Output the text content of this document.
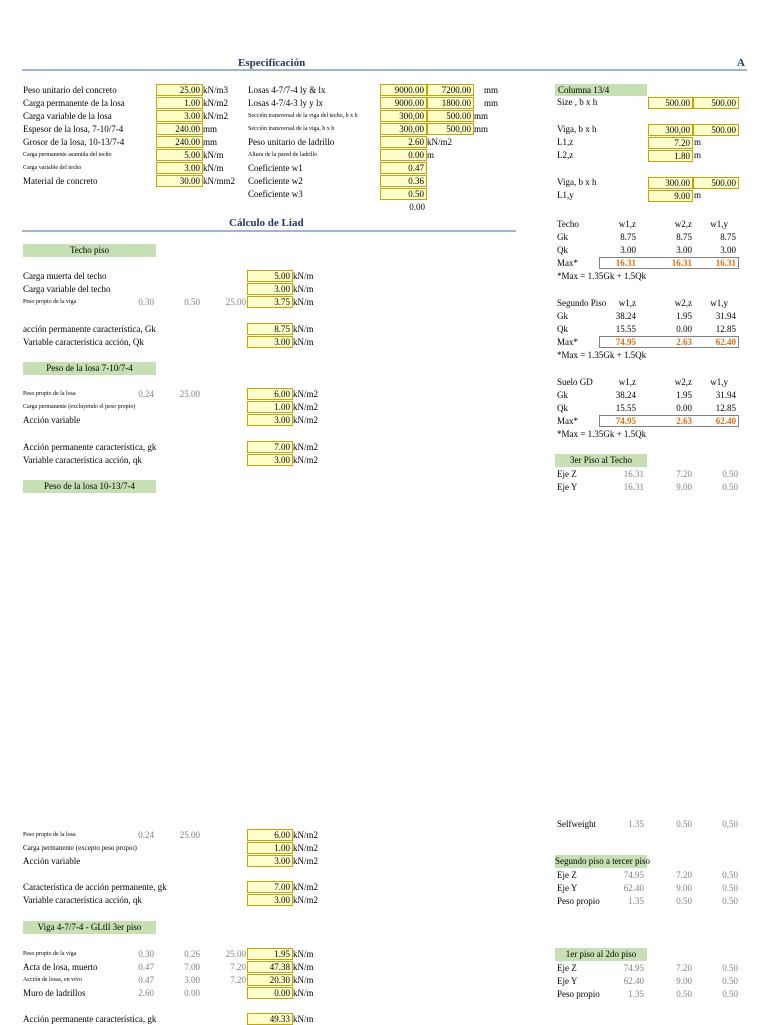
Especificación	A
Peso unitario del concreto	25.00 kN/m3
Carga permanente de la losa	1.00 kN/m2
Carga variable de la losa	3.00 kN/m2
Espesor de la losa, 7-10/7-4	240.00 mm
Grosor de la losa, 10-13/7-4	240.00 mm
Carga permanente asumida del techo	5.00 kN/m
Carga variable del techo	3.00 kN/m
Material de concreto	30.00 kN/mm2
Losas 4-7/7-4 ly & lx	9000.00	7200.00	mm
Losas 4-7/4-3 ly y lx	9000.00	1800.00	mm
Sección transversal de la viga del techo, b x h	300,00	500.00 mm
Sección transversal de la viga, b x h	300,00	500,00 mm
Peso unitario de ladrillo	2.60 kN/m2
Altura de la pared de ladrillo	0.00 m
Coeficiente w1	0.47
Coeficiente w2	0.36
Coeficiente w3	0.50
0.00
Columna 13/4
Size , b x h	500.00	500.00
Viga, b x h	300,00	500.00
L1,z	7.20 m
L2,z	1.80 m
Viga, b x h	300.00	500.00
L1,y	9.00 m
Cálculo de Liad
Techo piso
Carga muerta del techo	5.00 kN/m
Carga variable del techo	3.00 kN/m
Peso propio de la viga	0.30	0.50	25.00	3.75 kN/m
acción permanente característica, Gk	8.75 kN/m
Variable característica acción, Qk	3.00 kN/m
Peso de la losa 7-10/7-4
Peso propio de la losa	0.24	25.00	6.00 kN/m2
Carga permanente (excluyendo el peso propio)	1.00 kN/m2
Acción variable	3.00 kN/m2
Acción permanente característica, gk	7.00 kN/m2
Variable característica acción, qk	3.00 kN/m2
Peso de la losa 10-13/7-4
Peso propio de la losa	0.24	25.00	6.00 kN/m2
Carga permanente (excepto peso propio)	1.00 kN/m2
Acción variable	3.00 kN/m2
Característica de acción permanente, gk	7.00 kN/m2
Variable característica acción, qk	3.00 kN/m2
Viga 4-7/7-4 - GLtll 3er piso
Peso propio de la viga	0.30	0.26	25.00	1.95 kN/m
Acta de losa, muerto	0.47	7.00	7.20	47.38 kN/m
Acción de losas, en vivo	0.47	3.00	7.20	20.30 kN/m
Muro de ladrillos	2.60	0.00	0.00 kN/m
Acción permanente característica, gk	49.33 kN/m
Techo	w1,z	w2,z	w1,y
Gk	8.75	8.75	8.75
Qk	3.00	3.00	3.00
Max*	16.31	16.31	16.31
*Max = 1.35Gk + 1.5Qk
Segundo Piso	w1,z	w2,z	w1,y
Gk	38.24	1.95	31.94
Qk	15.55	0.00	12.85
Max*	74.95	2.63	62.40
*Max = 1.35Gk + 1.5Qk
Suelo GD	w1,z	w2,z	w1,y
Gk	38.24	1.95	31.94
Qk	15.55	0.00	12.85
Max*	74.95	2.63	62.40
*Max = 1.35Gk + 1.5Qk
3er Piso al Techo
Eje Z	16.31	7.20	0.50
Eje Y	16.31	9.00	0.50
Selfweight	1.35	0.50	0,50
Segundo piso a tercer piso
Eje Z	74.95	7.20	0.50
Eje Y	62.40	9.00	0.50
Peso propio	1.35	0.50	0.50
1er piso al 2do piso
Eje Z	74.95	7.20	0.50
Eje Y	62.40	9.00	0.50
Peso propio	1.35	0.50	0.50
